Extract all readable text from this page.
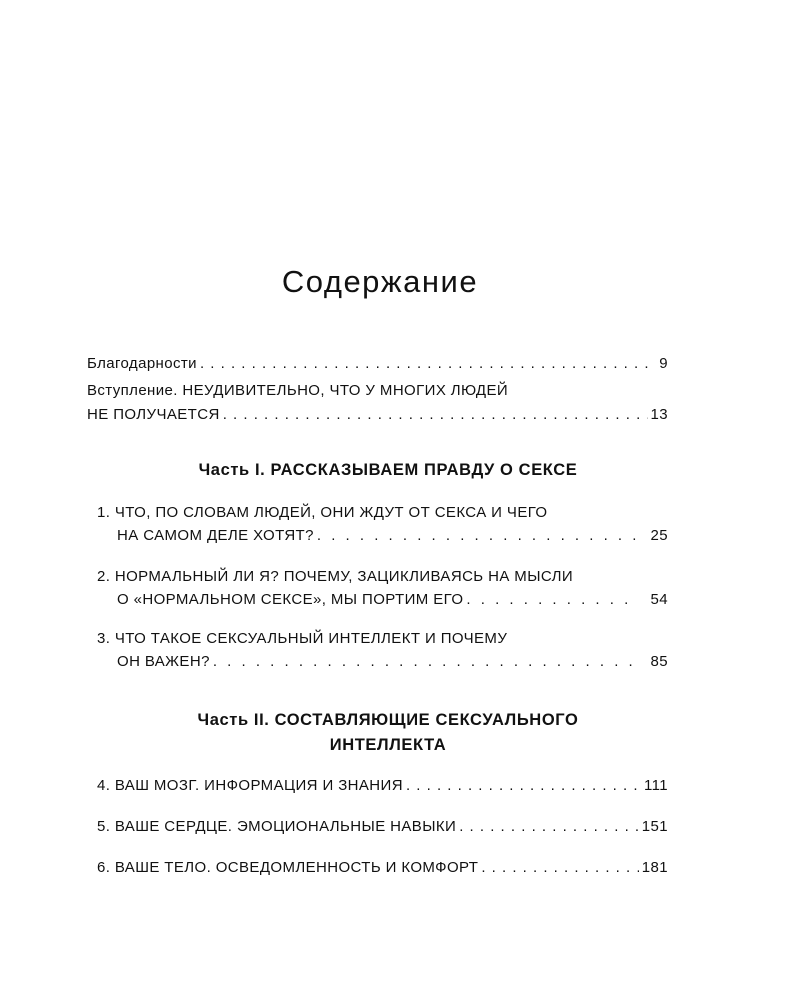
Содержание
Благодарности . . .	9
Вступление. НЕУДИВИТЕЛЬНО, ЧТО У МНОГИХ ЛЮДЕЙ
НЕ ПОЛУЧАЕТСЯ . . .	13
Часть I. РАССКАЗЫВАЕМ ПРАВДУ О СЕКСЕ
1. ЧТО, ПО СЛОВАМ ЛЮДЕЙ, ОНИ ЖДУТ ОТ СЕКСА И ЧЕГО
НА САМОМ ДЕЛЕ ХОТЯТ? . . .	25
2. НОРМАЛЬНЫЙ ЛИ Я? ПОЧЕМУ, ЗАЦИКЛИВАЯСЬ НА МЫСЛИ
О «НОРМАЛЬНОМ СЕКСЕ», МЫ ПОРТИМ ЕГО . . .	54
3. ЧТО ТАКОЕ СЕКСУАЛЬНЫЙ ИНТЕЛЛЕКТ И ПОЧЕМУ
ОН ВАЖЕН? . . .	85
Часть II. СОСТАВЛЯЮЩИЕ СЕКСУАЛЬНОГО
ИНТЕЛЛЕКТА
4. ВАШ МОЗГ. ИНФОРМАЦИЯ И ЗНАНИЯ . . .	111
5. ВАШЕ СЕРДЦЕ. ЭМОЦИОНАЛЬНЫЕ НАВЫКИ . . .	151
6. ВАШЕ ТЕЛО. ОСВЕДОМЛЕННОСТЬ И КОМФОРТ . . .	181
